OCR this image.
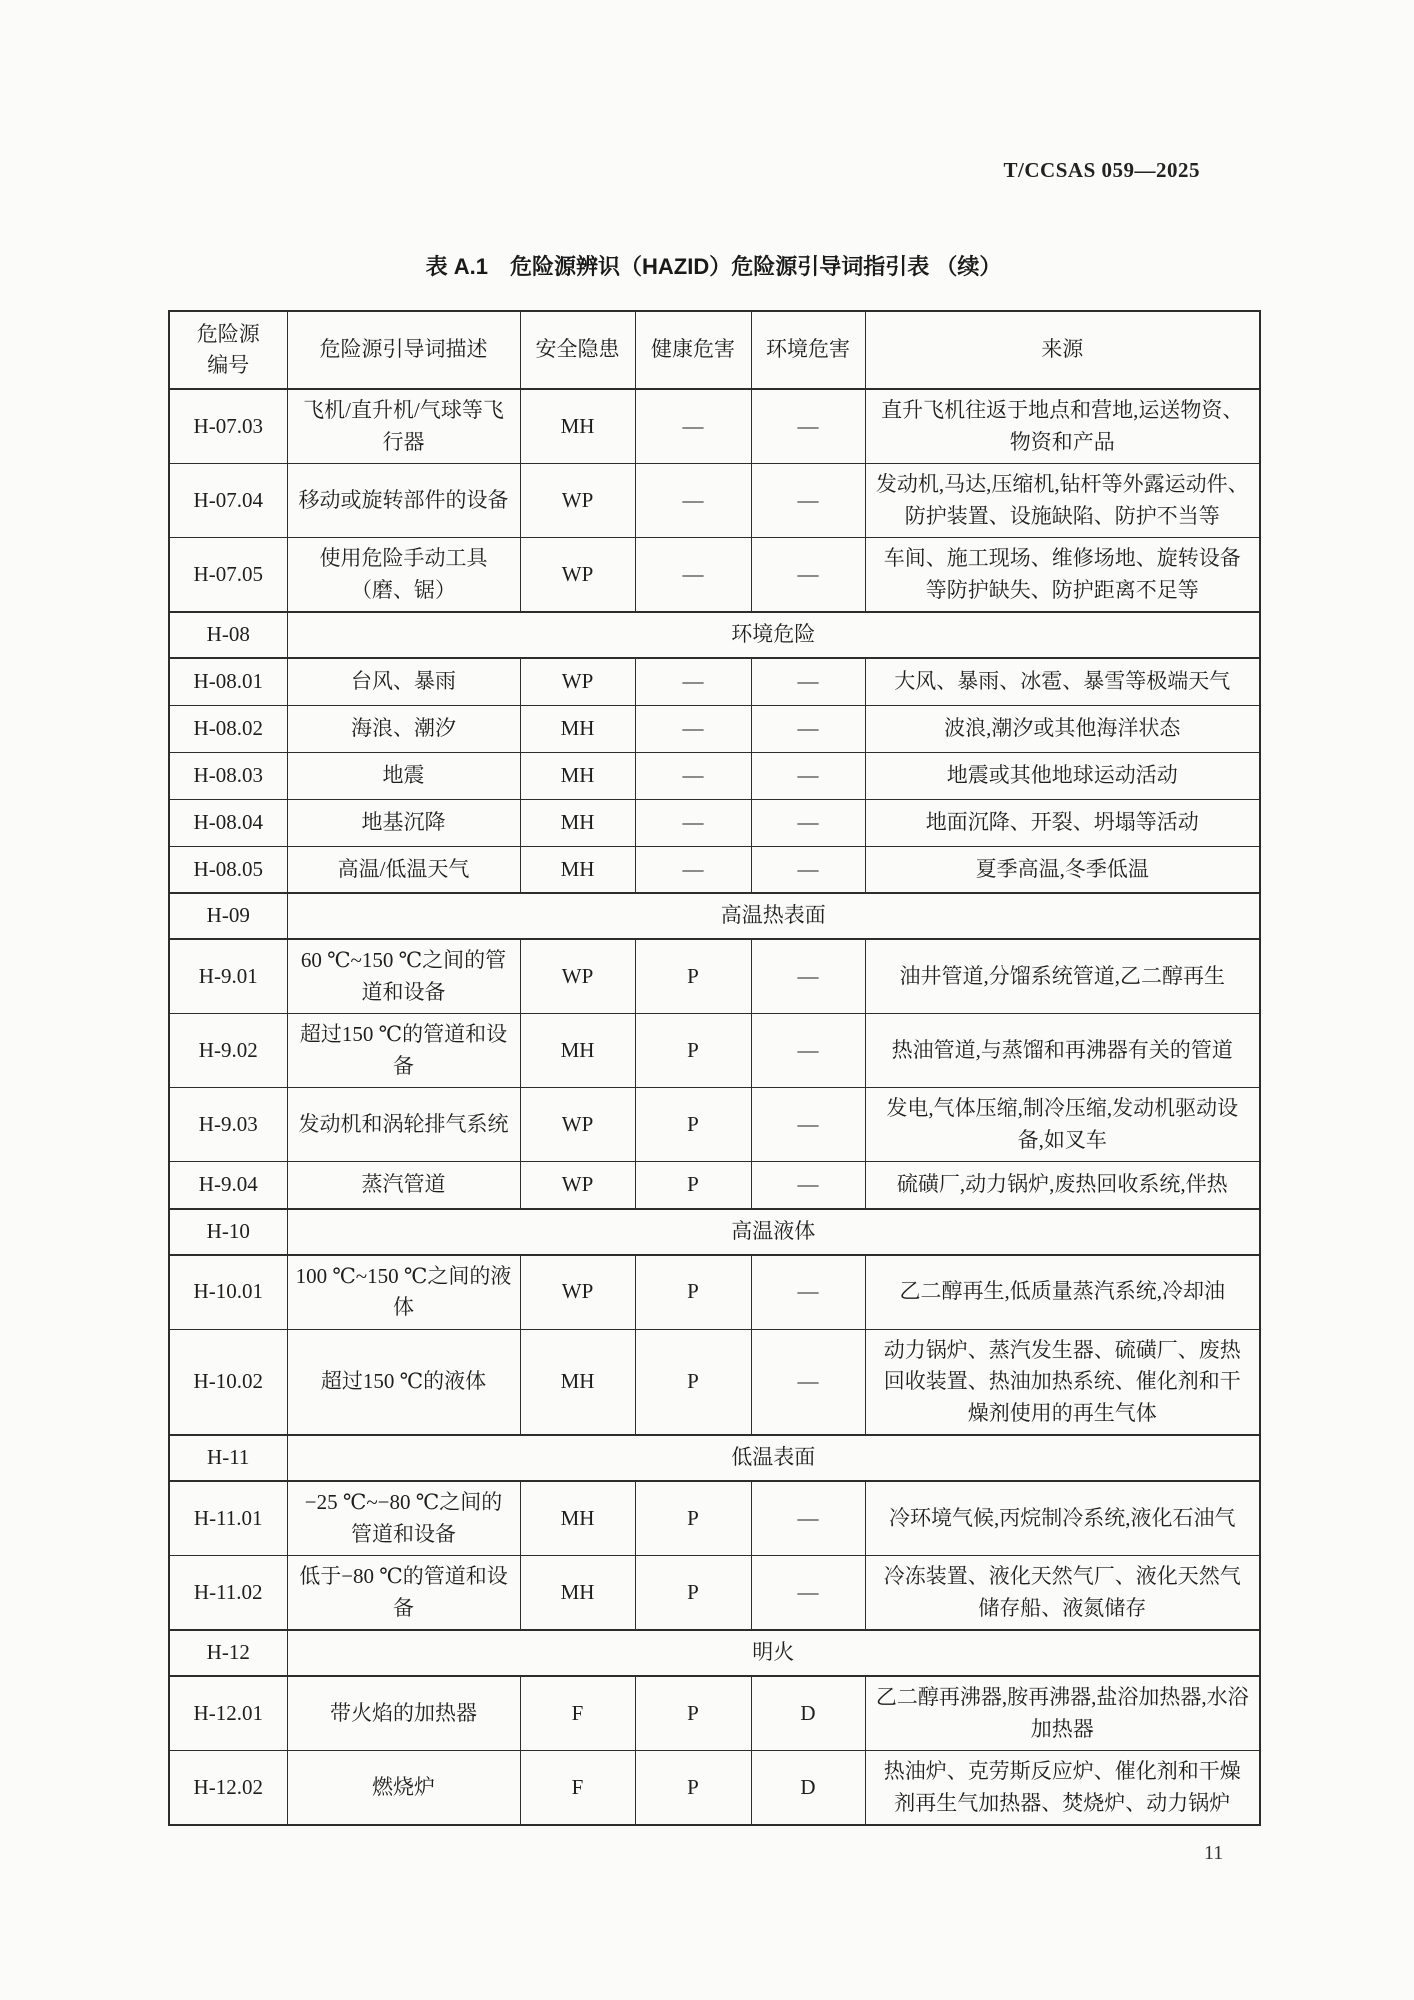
T/CCSAS 059—2025
表 A.1　危险源辨识（HAZID）危险源引导词指引表 （续）
危险源编号	危险源引导词描述	安全隐患	健康危害	环境危害	来源
H-07.03	飞机/直升机/气球等飞行器	MH	—	—	直升飞机往返于地点和营地,运送物资、物资和产品
H-07.04	移动或旋转部件的设备	WP	—	—	发动机,马达,压缩机,钻杆等外露运动件、防护装置、设施缺陷、防护不当等
H-07.05	使用危险手动工具（磨、锯）	WP	—	—	车间、施工现场、维修场地、旋转设备等防护缺失、防护距离不足等
H-08	环境危险				
H-08.01	台风、暴雨	WP	—	—	大风、暴雨、冰雹、暴雪等极端天气
H-08.02	海浪、潮汐	MH	—	—	波浪,潮汐或其他海洋状态
H-08.03	地震	MH	—	—	地震或其他地球运动活动
H-08.04	地基沉降	MH	—	—	地面沉降、开裂、坍塌等活动
H-08.05	高温/低温天气	MH	—	—	夏季高温,冬季低温
H-09	高温热表面				
H-9.01	60 ℃~150 ℃之间的管道和设备	WP	P	—	油井管道,分馏系统管道,乙二醇再生
H-9.02	超过150 ℃的管道和设备	MH	P	—	热油管道,与蒸馏和再沸器有关的管道
H-9.03	发动机和涡轮排气系统	WP	P	—	发电,气体压缩,制冷压缩,发动机驱动设备,如叉车
H-9.04	蒸汽管道	WP	P	—	硫磺厂,动力锅炉,废热回收系统,伴热
H-10	高温液体				
H-10.01	100 ℃~150 ℃之间的液体	WP	P	—	乙二醇再生,低质量蒸汽系统,冷却油
H-10.02	超过150 ℃的液体	MH	P	—	动力锅炉、蒸汽发生器、硫磺厂、废热回收装置、热油加热系统、催化剂和干燥剂使用的再生气体
H-11	低温表面				
H-11.01	−25 ℃~−80 ℃之间的管道和设备	MH	P	—	冷环境气候,丙烷制冷系统,液化石油气
H-11.02	低于−80 ℃的管道和设备	MH	P	—	冷冻装置、液化天然气厂、液化天然气储存船、液氮储存
H-12	明火				
H-12.01	带火焰的加热器	F	P	D	乙二醇再沸器,胺再沸器,盐浴加热器,水浴加热器
H-12.02	燃烧炉	F	P	D	热油炉、克劳斯反应炉、催化剂和干燥剂再生气加热器、焚烧炉、动力锅炉
11
